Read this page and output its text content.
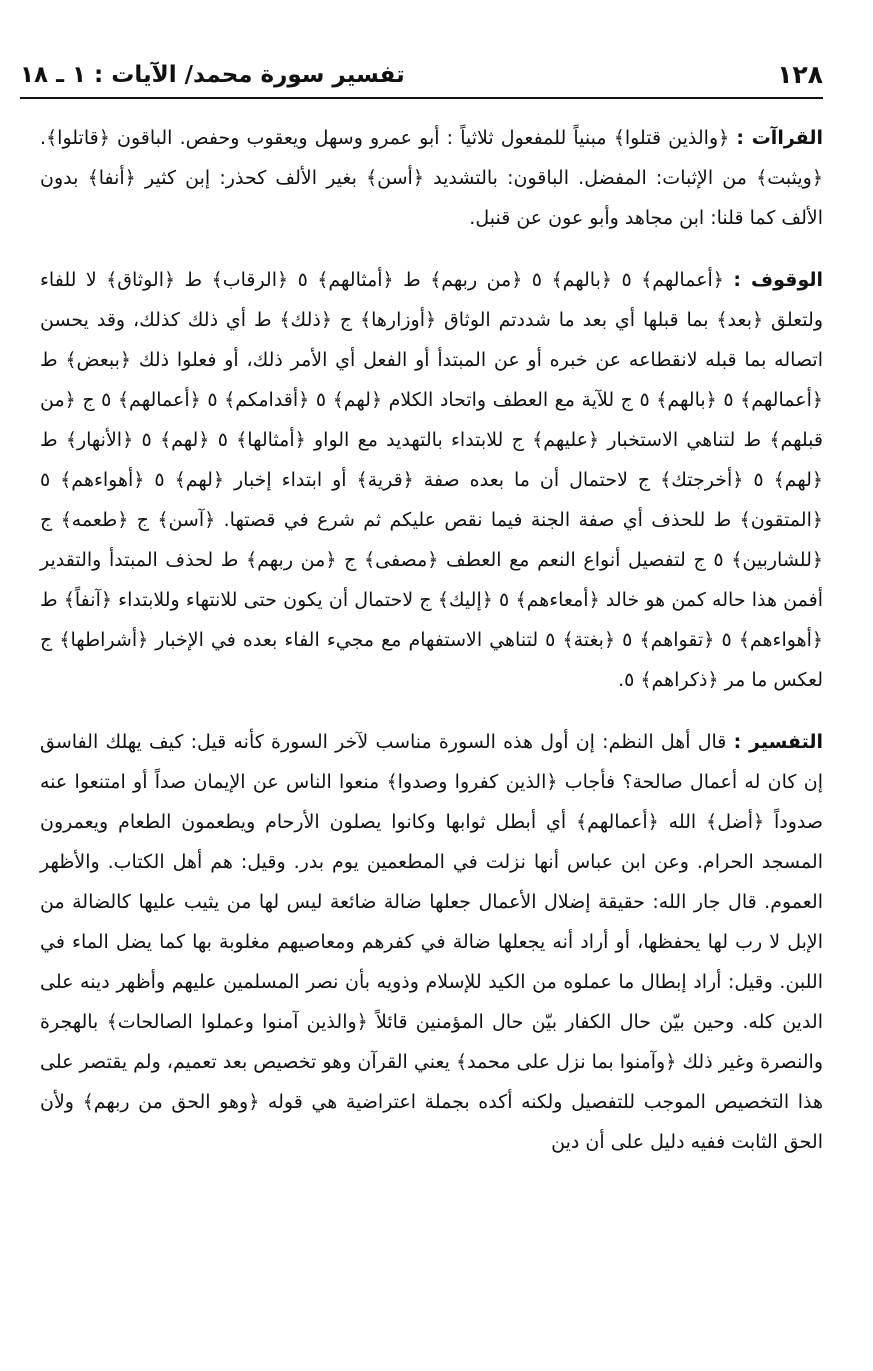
١٢٨
تفسير سورة محمد/ الآيات : ١ ـ ١٨

القراآت : ﴿والذين قتلوا﴾ مبنياً للمفعول ثلاثياً : أبو عمرو وسهل ويعقوب وحفص. الباقون ﴿قاتلوا﴾. ﴿ويثبت﴾ من الإثبات: المفضل. الباقون: بالتشديد ﴿أسن﴾ بغير الألف كحذر: إبن كثير ﴿أنفا﴾ بدون الألف كما قلنا: ابن مجاهد وأبو عون عن قنبل.

الوقوف : ﴿أعمالهم﴾ ٥ ﴿بالهم﴾ ٥ ﴿من ربهم﴾ ط ﴿أمثالهم﴾ ٥ ﴿الرقاب﴾ ط ﴿الوثاق﴾ لا للفاء ولتعلق ﴿بعد﴾ بما قبلها أي بعد ما شددتم الوثاق ﴿أوزارها﴾ ج ﴿ذلك﴾ ط أي ذلك كذلك، وقد يحسن اتصاله بما قبله لانقطاعه عن خبره أو عن المبتدأ أو الفعل أي الأمر ذلك، أو فعلوا ذلك ﴿ببعض﴾ ط ﴿أعمالهم﴾ ٥ ﴿بالهم﴾ ٥ ج للآية مع العطف واتحاد الكلام ﴿لهم﴾ ٥ ﴿أقدامكم﴾ ٥ ﴿أعمالهم﴾ ٥ ج ﴿من قبلهم﴾ ط لتناهي الاستخبار ﴿عليهم﴾ ج للابتداء بالتهديد مع الواو ﴿أمثالها﴾ ٥ ﴿لهم﴾ ٥ ﴿الأنهار﴾ ط ﴿لهم﴾ ٥ ﴿أخرجتك﴾ ج لاحتمال أن ما بعده صفة ﴿قرية﴾ أو ابتداء إخبار ﴿لهم﴾ ٥ ﴿أهواءهم﴾ ٥ ﴿المتقون﴾ ط للحذف أي صفة الجنة فيما نقص عليكم ثم شرع في قصتها. ﴿آسن﴾ ج ﴿طعمه﴾ ج ﴿للشاربين﴾ ٥ ج لتفصيل أنواع النعم مع العطف ﴿مصفى﴾ ج ﴿من ربهم﴾ ط لحذف المبتدأ والتقدير أفمن هذا حاله كمن هو خالد ﴿أمعاءهم﴾ ٥ ﴿إليك﴾ ج لاحتمال أن يكون حتى للانتهاء وللابتداء ﴿آنفاً﴾ ط ﴿أهواءهم﴾ ٥ ﴿تقواهم﴾ ٥ ﴿بغتة﴾ ٥ لتناهي الاستفهام مع مجيء الفاء بعده في الإخبار ﴿أشراطها﴾ ج لعكس ما مر ﴿ذكراهم﴾ ٥.

التفسير : قال أهل النظم: إن أول هذه السورة مناسب لآخر السورة كأنه قيل: كيف يهلك الفاسق إن كان له أعمال صالحة؟ فأجاب ﴿الذين كفروا وصدوا﴾ منعوا الناس عن الإيمان صداً أو امتنعوا عنه صدوداً ﴿أضل﴾ الله ﴿أعمالهم﴾ أي أبطل ثوابها وكانوا يصلون الأرحام ويطعمون الطعام ويعمرون المسجد الحرام. وعن ابن عباس أنها نزلت في المطعمين يوم بدر. وقيل: هم أهل الكتاب. والأظهر العموم. قال جار الله: حقيقة إضلال الأعمال جعلها ضالة ضائعة ليس لها من يثيب عليها كالضالة من الإبل لا رب لها يحفظها، أو أراد أنه يجعلها ضالة في كفرهم ومعاصيهم مغلوبة بها كما يضل الماء في اللبن. وقيل: أراد إبطال ما عملوه من الكيد للإسلام وذويه بأن نصر المسلمين عليهم وأظهر دينه على الدين كله. وحين بيّن حال الكفار بيّن حال المؤمنين قائلاً ﴿والذين آمنوا وعملوا الصالحات﴾ بالهجرة والنصرة وغير ذلك ﴿وآمنوا بما نزل على محمد﴾ يعني القرآن وهو تخصيص بعد تعميم، ولم يقتصر على هذا التخصيص الموجب للتفصيل ولكنه أكده بجملة اعتراضية هي قوله ﴿وهو الحق من ربهم﴾ ولأن الحق الثابت ففيه دليل على أن دين
